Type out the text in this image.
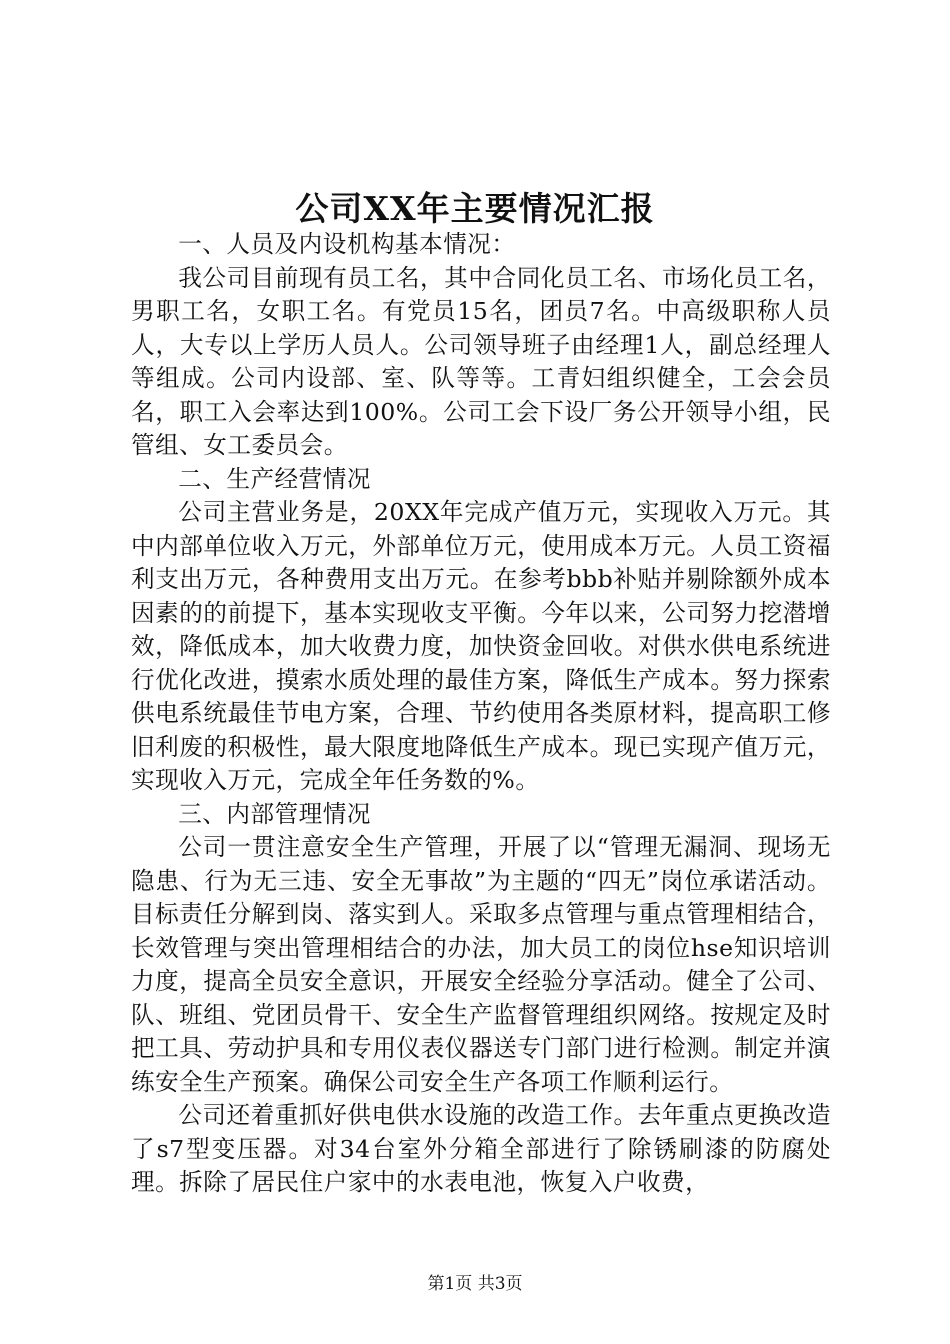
公司XX年主要情况汇报

一、人员及内设机构基本情况：

我公司目前现有员工名，其中合同化员工名、市场化员工名，男职工名，女职工名。有党员15名，团员7名。中高级职称人员人，大专以上学历人员人。公司领导班子由经理1人，副总经理人等组成。公司内设部、室、队等等。工青妇组织健全，工会会员名，职工入会率达到100%。公司工会下设厂务公开领导小组，民管组、女工委员会。

二、生产经营情况

公司主营业务是，20XX年完成产值万元，实现收入万元。其中内部单位收入万元，外部单位万元，使用成本万元。人员工资福利支出万元，各种费用支出万元。在参考bbb补贴并剔除额外成本因素的的前提下，基本实现收支平衡。今年以来，公司努力挖潜增效，降低成本，加大收费力度，加快资金回收。对供水供电系统进行优化改进，摸索水质处理的最佳方案，降低生产成本。努力探索供电系统最佳节电方案，合理、节约使用各类原材料，提高职工修旧利废的积极性，最大限度地降低生产成本。现已实现产值万元，实现收入万元，完成全年任务数的%。

三、内部管理情况

公司一贯注意安全生产管理，开展了以“管理无漏洞、现场无隐患、行为无三违、安全无事故”为主题的“四无”岗位承诺活动。目标责任分解到岗、落实到人。采取多点管理与重点管理相结合，长效管理与突出管理相结合的办法，加大员工的岗位hse知识培训力度，提高全员安全意识，开展安全经验分享活动。健全了公司、队、班组、党团员骨干、安全生产监督管理组织网络。按规定及时把工具、劳动护具和专用仪表仪器送专门部门进行检测。制定并演练安全生产预案。确保公司安全生产各项工作顺利运行。

公司还着重抓好供电供水设施的改造工作。去年重点更换改造了s7型变压器。对34台室外分箱全部进行了除锈刷漆的防腐处理。拆除了居民住户家中的水表电池，恢复入户收费，

第1页 共3页
